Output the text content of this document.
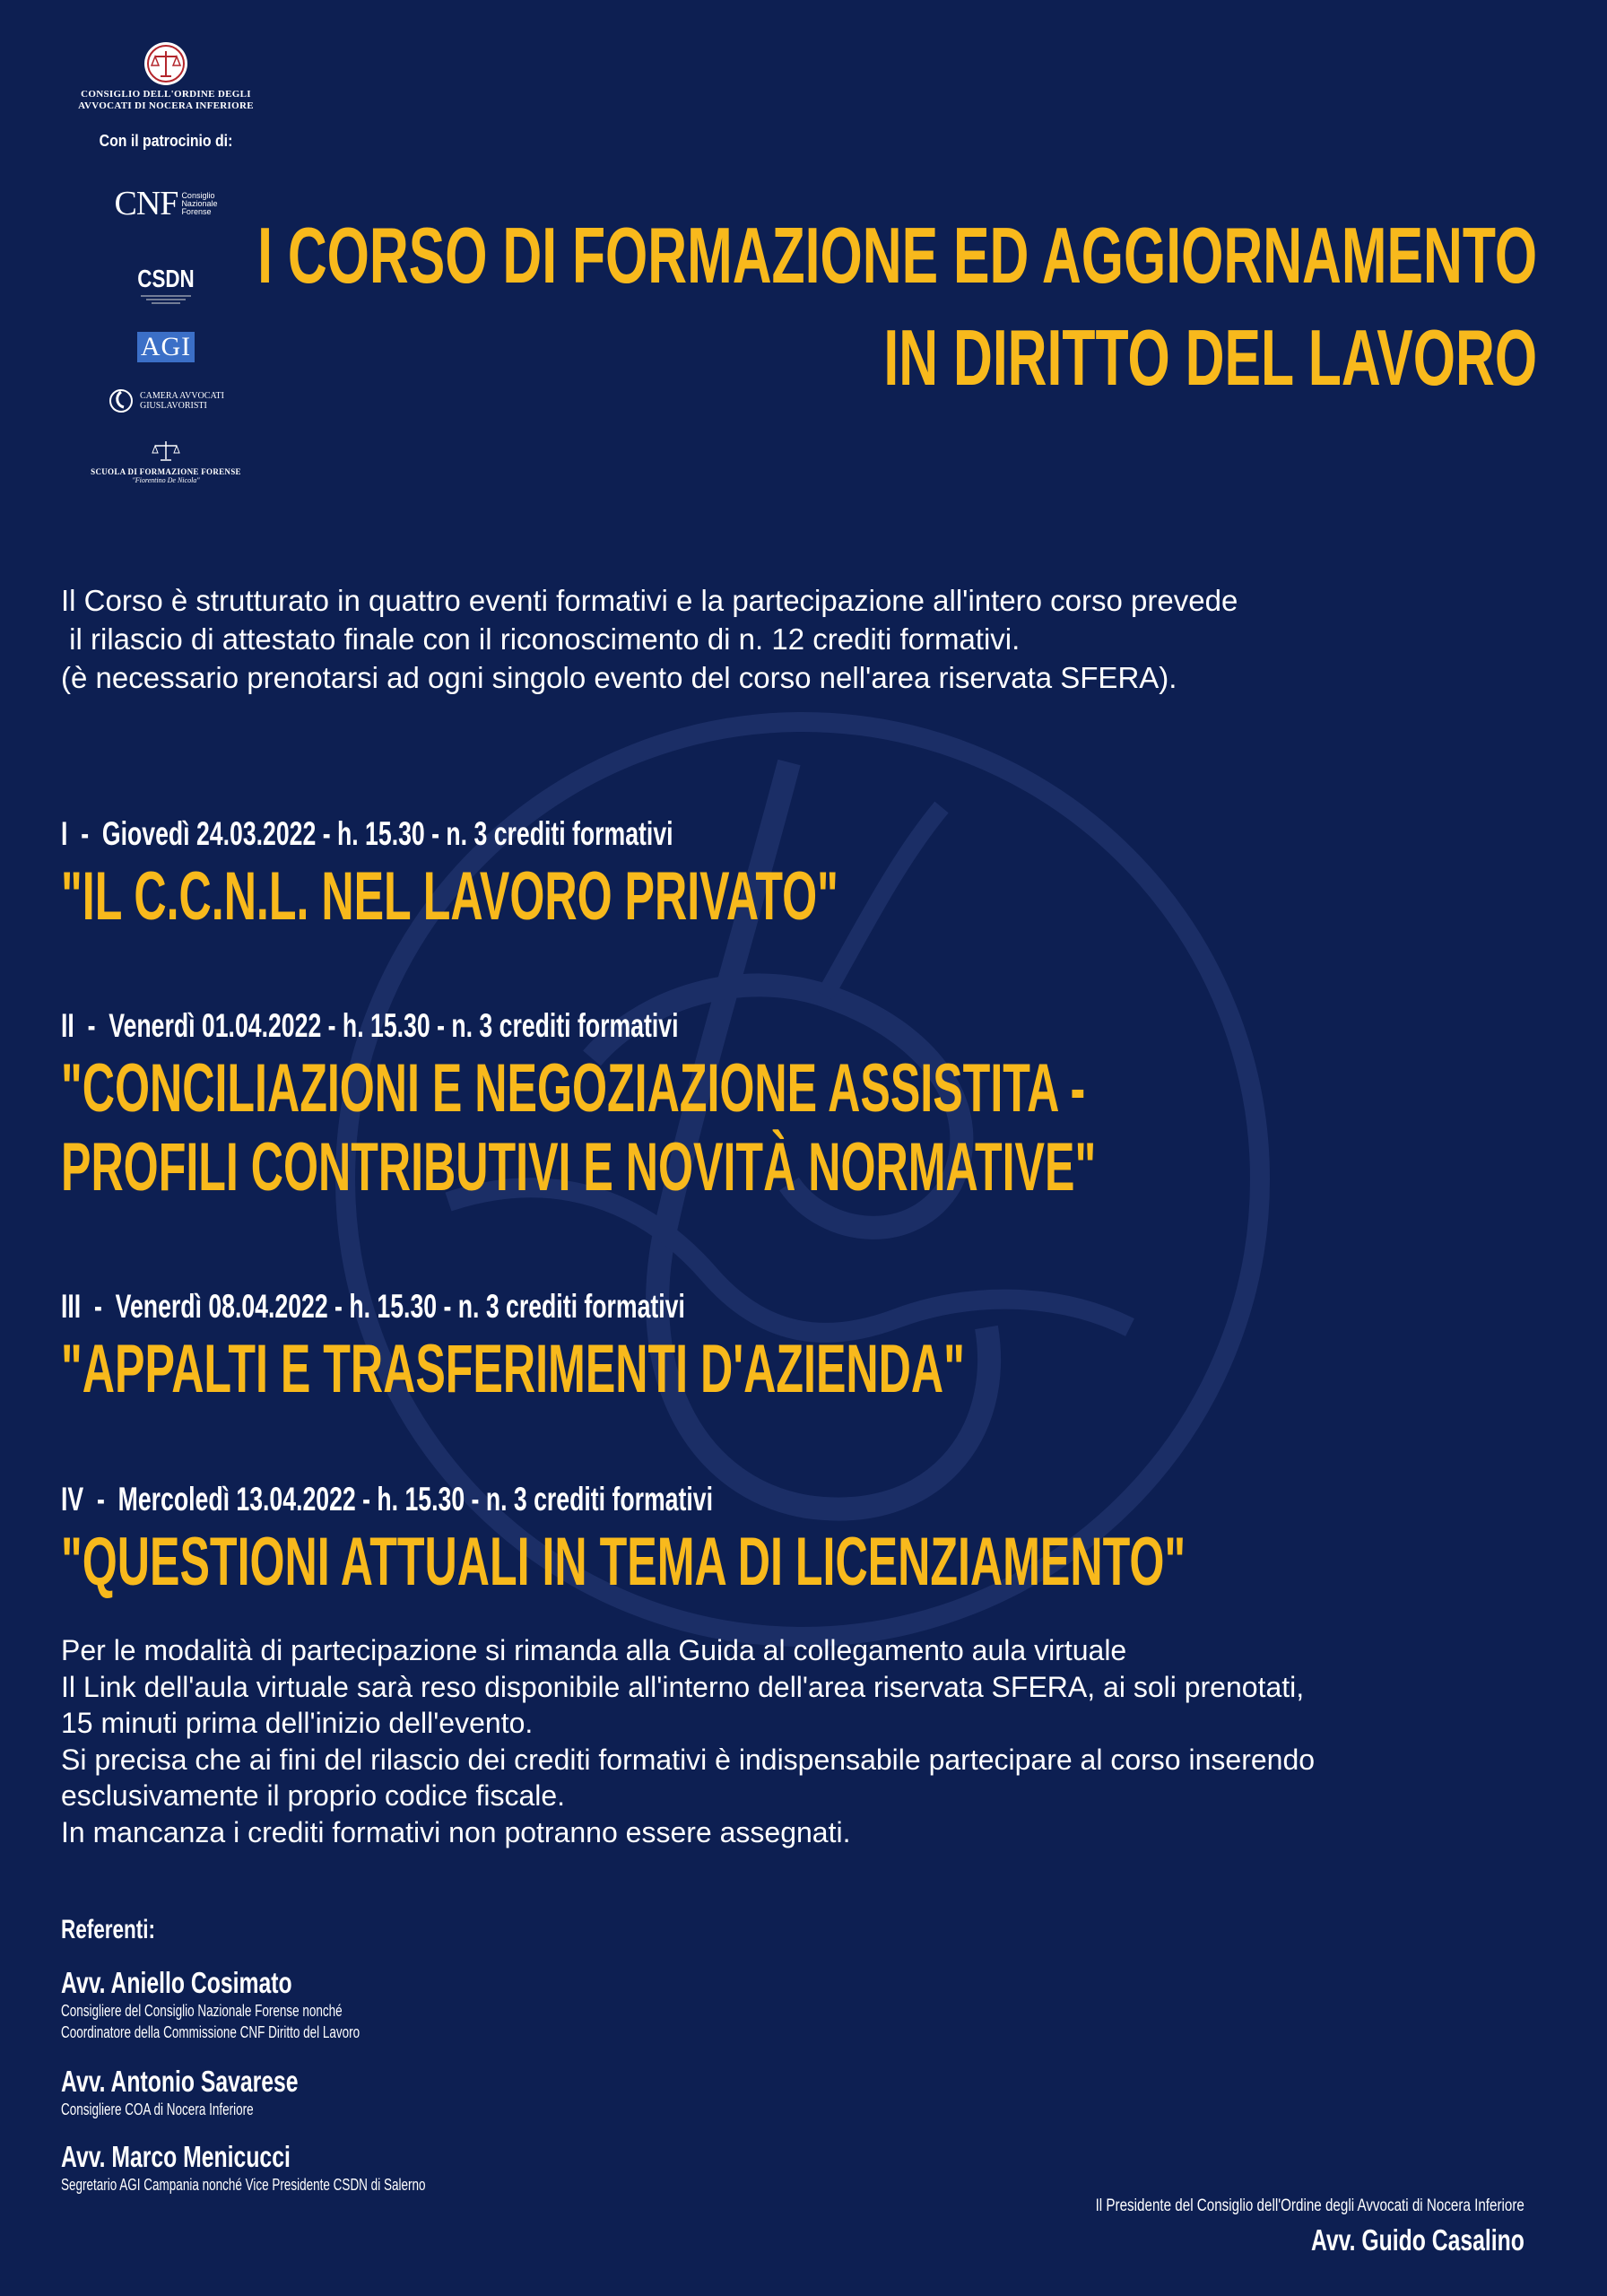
CONSIGLIO DELL'ORDINE DEGLI
AVVOCATI DI NOCERA INFERIORE
Con il patrocinio di:
CNF Consiglio
Nazionale
Forense
CSDN
AGI
CAMERA AVVOCATI
GIUSLAVORISTI
SCUOLA DI FORMAZIONE FORENSE
"Fiorentino De Nicola"
I CORSO DI FORMAZIONE ED AGGIORNAMENTO
IN DIRITTO DEL LAVORO
Il Corso è strutturato in quattro eventi formativi e la partecipazione all'intero corso prevede
il rilascio di attestato finale con il riconoscimento di n. 12 crediti formativi.
(è necessario prenotarsi ad ogni singolo evento del corso nell'area riservata SFERA).
I  -  Giovedì 24.03.2022 - h. 15.30 - n. 3 crediti formativi
"IL C.C.N.L. NEL LAVORO PRIVATO"
II  -  Venerdì 01.04.2022 - h. 15.30 - n. 3 crediti formativi
"CONCILIAZIONI E NEGOZIAZIONE ASSISTITA -
PROFILI CONTRIBUTIVI E NOVITÀ NORMATIVE"
III  -  Venerdì 08.04.2022 - h. 15.30 - n. 3 crediti formativi
"APPALTI E TRASFERIMENTI D'AZIENDA"
IV  -  Mercoledì 13.04.2022 - h. 15.30 - n. 3 crediti formativi
"QUESTIONI ATTUALI IN TEMA DI LICENZIAMENTO"
Per le modalità di partecipazione si rimanda alla Guida al collegamento aula virtuale
Il Link dell'aula virtuale sarà reso disponibile all'interno dell'area riservata SFERA, ai soli prenotati,
15 minuti prima dell'inizio dell'evento.
Si precisa che ai fini del rilascio dei crediti formativi è indispensabile partecipare al corso inserendo
esclusivamente il proprio codice fiscale.
In mancanza i crediti formativi non potranno essere assegnati.
Referenti:
Avv. Aniello Cosimato
Consigliere del Consiglio Nazionale Forense nonché
Coordinatore della Commissione CNF Diritto del Lavoro
Avv. Antonio Savarese
Consigliere COA di Nocera Inferiore
Avv. Marco Menicucci
Segretario AGI Campania nonché Vice Presidente CSDN di Salerno
Il Presidente del Consiglio dell'Ordine degli Avvocati di Nocera Inferiore
Avv. Guido Casalino
